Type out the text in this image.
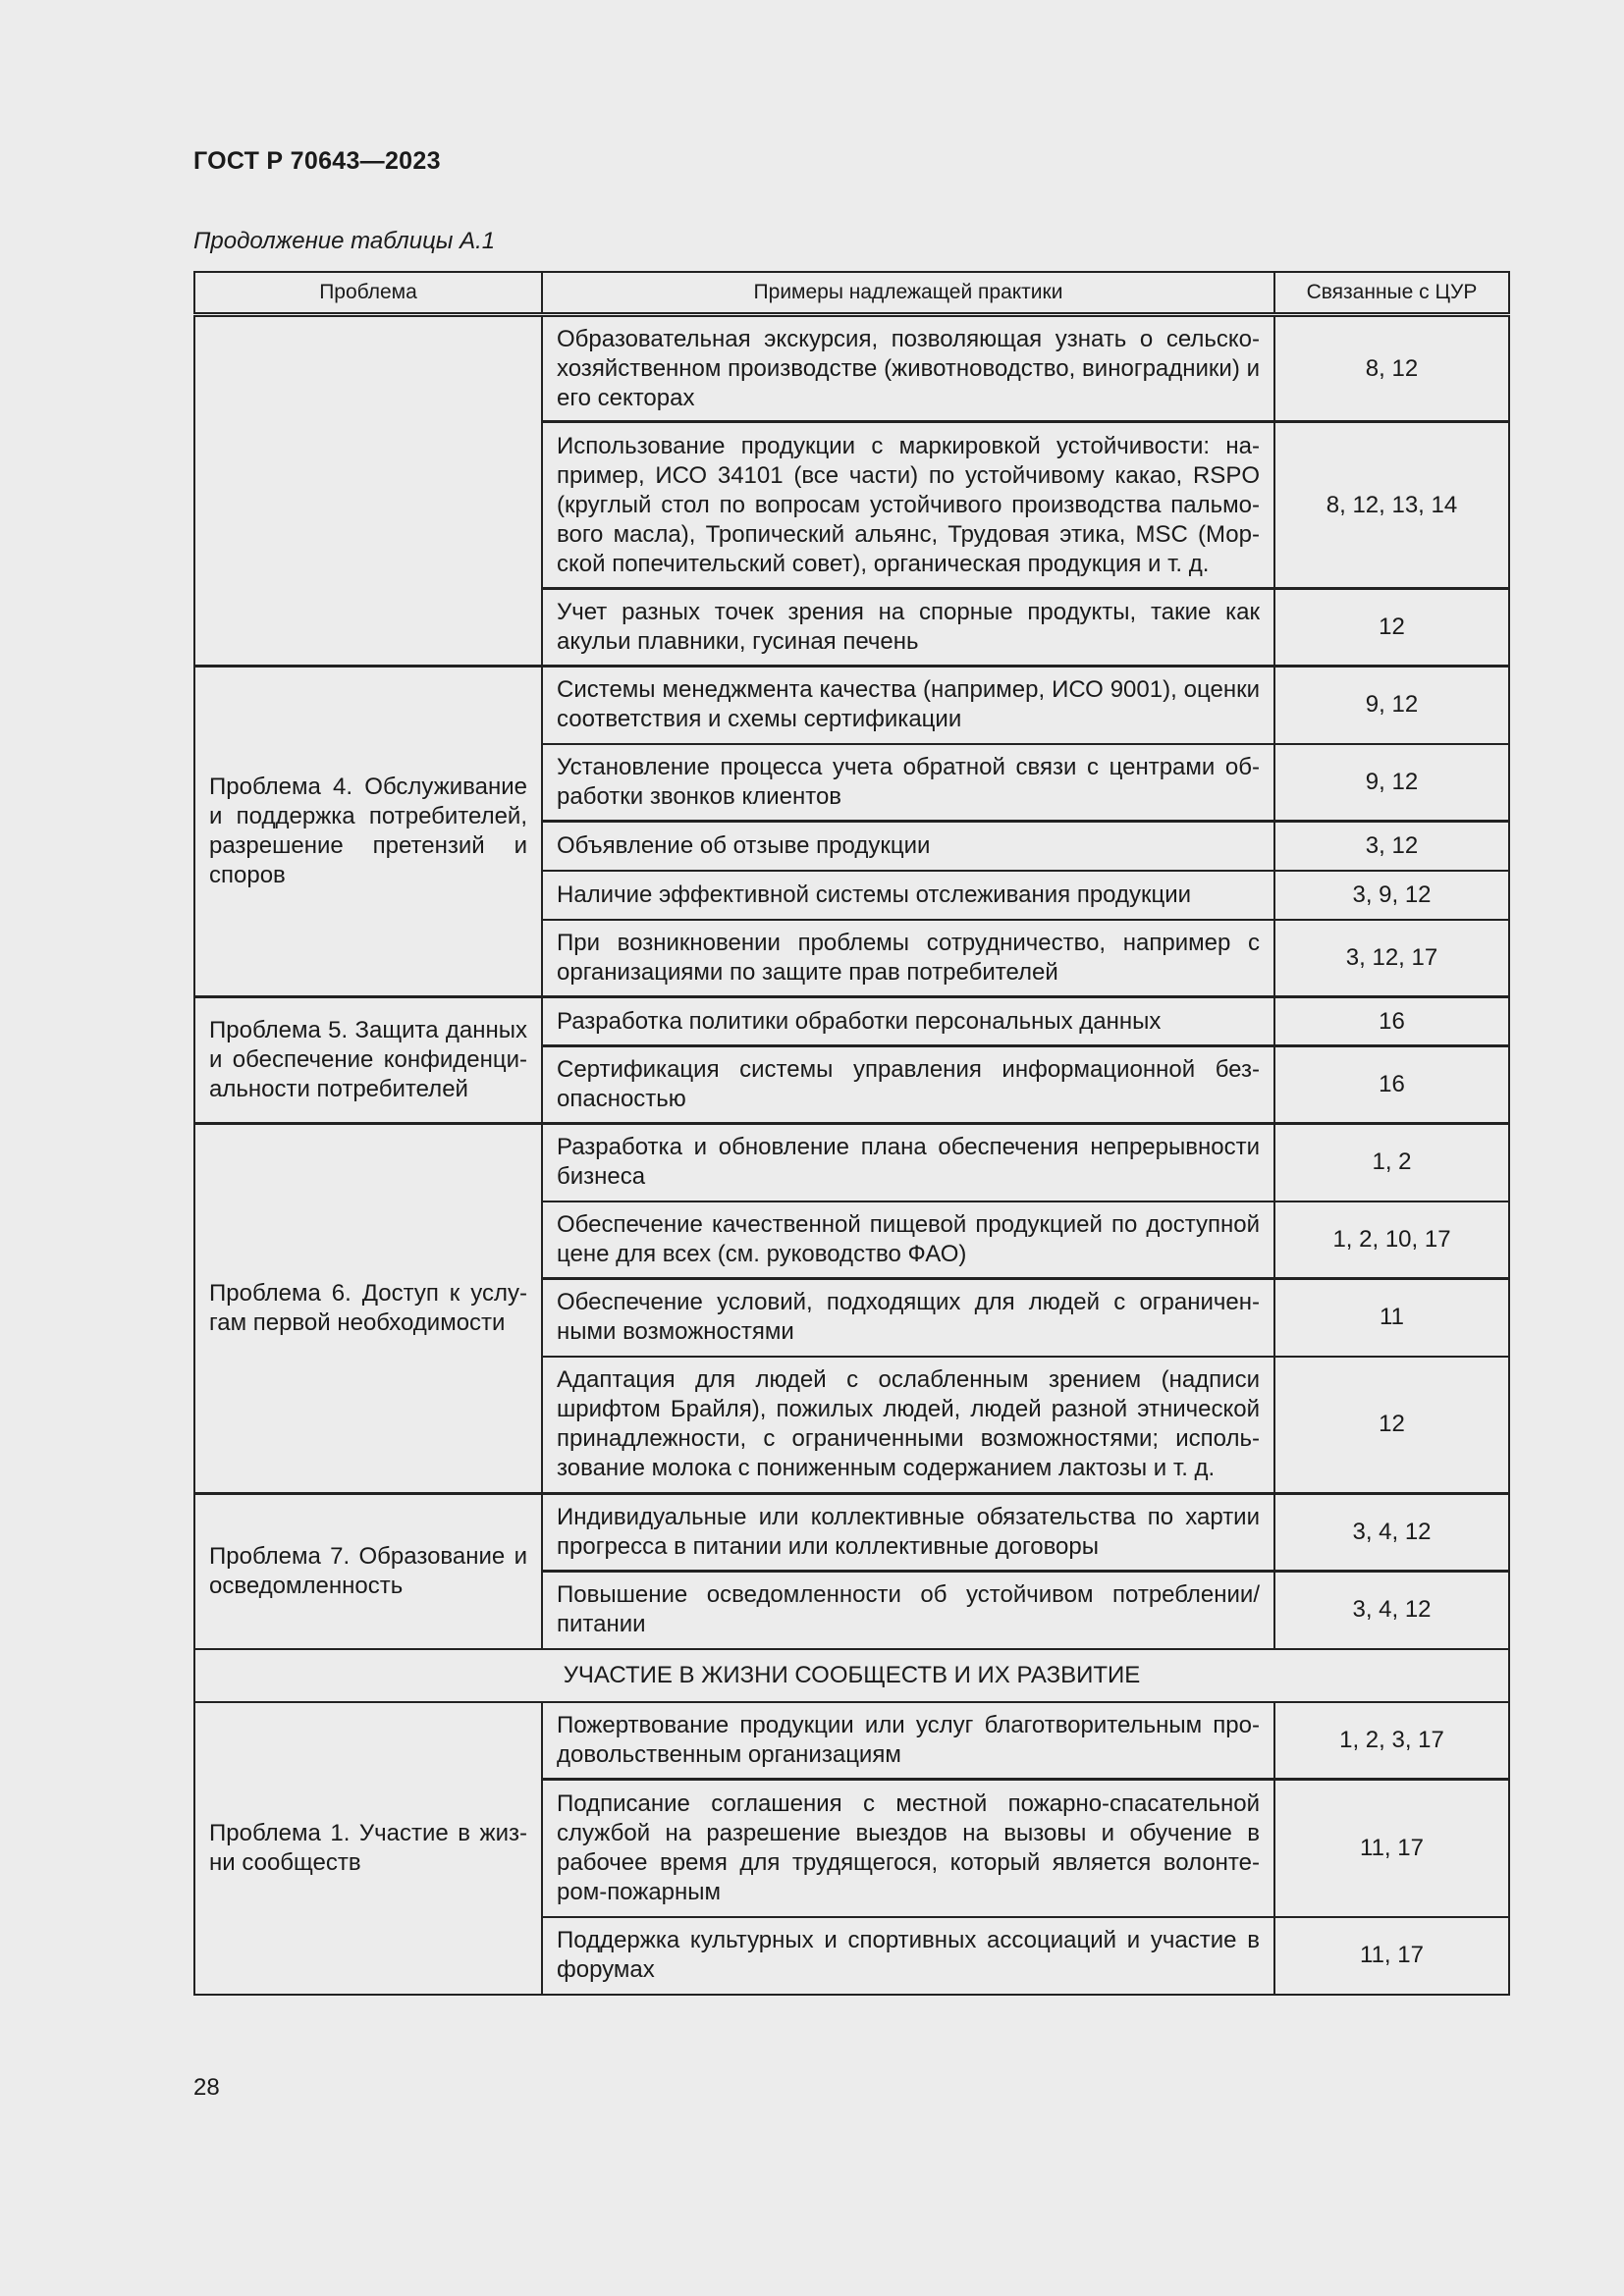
ГОСТ Р 70643—2023
Продолжение таблицы А.1
Проблема	Примеры надлежащей практики	Связанные с ЦУР
	Образовательная экскурсия, позволяющая узнать о сельскохозяйственном производстве (животноводство, виноградники) и его секторах	8, 12
	Использование продукции с маркировкой устойчивости: например, ИСО 34101 (все части) по устойчивому какао, RSPO (круглый стол по вопросам устойчивого производства пальмового масла), Тропический альянс, Трудовая этика, MSC (Морской попечительский совет), органическая продукция и т. д.	8, 12, 13, 14
	Учет разных точек зрения на спорные продукты, такие как акульи плавники, гусиная печень	12
Проблема 4. Обслуживание и поддержка потребителей, разрешение претензий и споров	Системы менеджмента качества (например, ИСО 9001), оценки соответствия и схемы сертификации	9, 12
	Установление процесса учета обратной связи с центрами обработки звонков клиентов	9, 12
	Объявление об отзыве продукции	3, 12
	Наличие эффективной системы отслеживания продукции	3, 9, 12
	При возникновении проблемы сотрудничество, например с организациями по защите прав потребителей	3, 12, 17
Проблема 5. Защита данных и обеспечение конфиденциальности потребителей	Разработка политики обработки персональных данных	16
	Сертификация системы управления информационной безопасностью	16
Проблема 6. Доступ к услугам первой необходимости	Разработка и обновление плана обеспечения непрерывности бизнеса	1, 2
	Обеспечение качественной пищевой продукцией по доступной цене для всех (см. руководство ФАО)	1, 2, 10, 17
	Обеспечение условий, подходящих для людей с ограниченными возможностями	11
	Адаптация для людей с ослабленным зрением (надписи шрифтом Брайля), пожилых людей, людей разной этнической принадлежности, с ограниченными возможностями; использование молока с пониженным содержанием лактозы и т. д.	12
Проблема 7. Образование и осведомленность	Индивидуальные или коллективные обязательства по хартии прогресса в питании или коллективные договоры	3, 4, 12
	Повышение осведомленности об устойчивом потреблении/ питании	3, 4, 12
УЧАСТИЕ В ЖИЗНИ СООБЩЕСТВ И ИХ РАЗВИТИЕ		
Проблема 1. Участие в жизни сообществ	Пожертвование продукции или услуг благотворительным продовольственным организациям	1, 2, 3, 17
	Подписание соглашения с местной пожарно-спасательной службой на разрешение выездов на вызовы и обучение в рабочее время для трудящегося, который является волонтером-пожарным	11, 17
	Поддержка культурных и спортивных ассоциаций и участие в форумах	11, 17
28
